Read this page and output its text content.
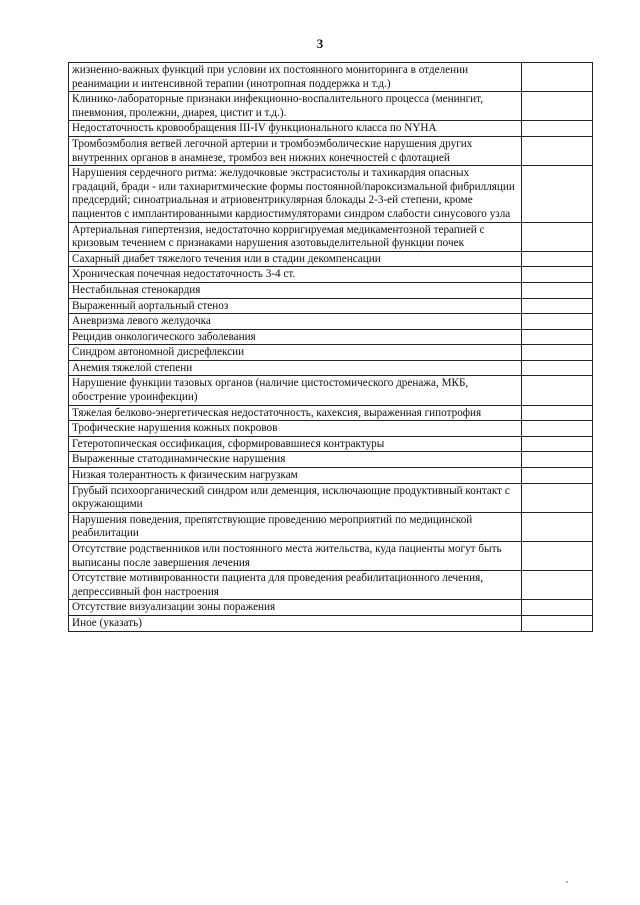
3
жизненно-важных функций при условии их постоянного мониторинга в отделении реанимации и интенсивной терапии (инотропная поддержка и т.д.)	
Клинико-лабораторные признаки инфекционно-воспалительного процесса (менингит, пневмония, пролежни, диарея, цистит и т.д.).	
Недостаточность кровообращения III-IV функционального класса по NYHA	
Тромбоэмболия ветвей легочной артерии и тромбоэмболические нарушения других внутренних органов в анамнезе, тромбоз вен нижних конечностей с флотацией	
Нарушения сердечного ритма: желудочковые экстрасистолы и тахикардия опасных градаций, бради - или тахиаритмические формы постоянной/пароксизмальной фибрилляции предсердий; синоатриальная и атриовентрикулярная блокады 2-3-ей степени, кроме пациентов с имплантированными кардиостимуляторами синдром слабости синусового узла	
Артериальная гипертензия, недостаточно корригируемая медикаментозной терапией с кризовым течением с признаками нарушения азотовыделительной функции почек	
Сахарный диабет тяжелого течения или в стадии декомпенсации	
Хроническая почечная недостаточность 3-4 ст.	
Нестабильная стенокардия	
Выраженный аортальный стеноз	
Аневризма левого желудочка	
Рецидив онкологического заболевания	
Синдром автономной дисрефлексии	
Анемия тяжелой степени	
Нарушение функции тазовых органов (наличие цистостомического дренажа, МКБ, обострение уроинфекции)	
Тяжелая белково-энергетическая недостаточность, кахексия, выраженная гипотрофия	
Трофические нарушения кожных покровов	
Гетеротопическая оссификация, сформировавшиеся контрактуры	
Выраженные статодинамические нарушения	
Низкая толерантность к физическим нагрузкам	
Грубый психоорганический синдром или деменция, исключающие продуктивный контакт с окружающими	
Нарушения поведения, препятствующие проведению мероприятий по медицинской реабилитации	
Отсутствие родственников или постоянного места жительства, куда пациенты могут быть выписаны после завершения лечения	
Отсутствие мотивированности пациента для проведения реабилитационного лечения, депрессивный фон настроения	
Отсутствие визуализации зоны поражения	
Иное (указать)	
